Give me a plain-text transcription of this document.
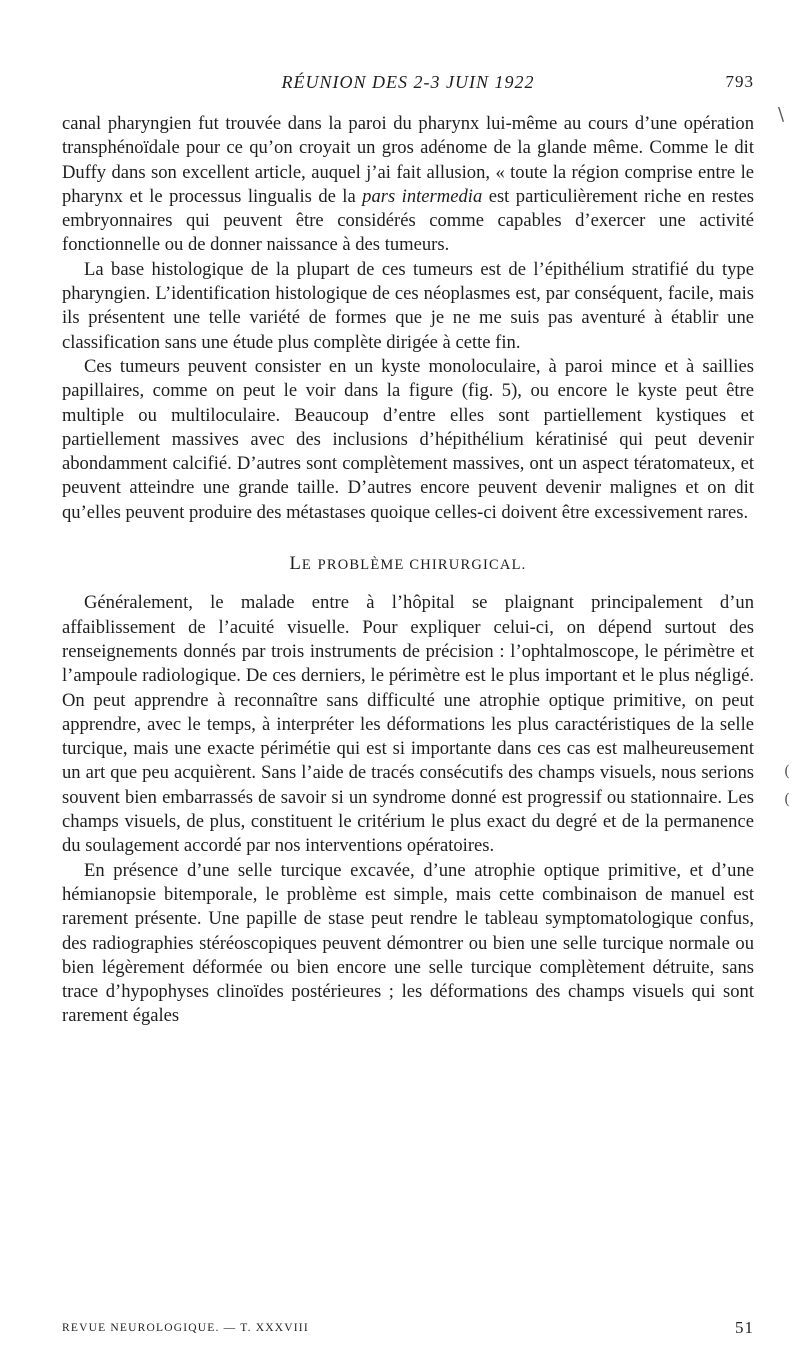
RÉUNION DES 2-3 JUIN 1922	793

canal pharyngien fut trouvée dans la paroi du pharynx lui-même au cours d’une opération transphénoïdale pour ce qu’on croyait un gros adénome de la glande même. Comme le dit Duffy dans son excellent article, auquel j’ai fait allusion, « toute la région comprise entre le pharynx et le processus lingualis de la pars intermedia est particulièrement riche en restes embryonnaires qui peuvent être considérés comme capables d’exercer une activité fonctionnelle ou de donner naissance à des tumeurs.

La base histologique de la plupart de ces tumeurs est de l’épithélium stratifié du type pharyngien. L’identification histologique de ces néoplasmes est, par conséquent, facile, mais ils présentent une telle variété de formes que je ne me suis pas aventuré à établir une classification sans une étude plus complète dirigée à cette fin.

Ces tumeurs peuvent consister en un kyste monoloculaire, à paroi mince et à saillies papillaires, comme on peut le voir dans la figure (fig. 5), ou encore le kyste peut être multiple ou multiloculaire. Beaucoup d’entre elles sont partiellement kystiques et partiellement massives avec des inclusions d’hépithélium kératinisé qui peut devenir abondamment calcifié. D’autres sont complètement massives, ont un aspect tératomateux, et peuvent atteindre une grande taille. D’autres encore peuvent devenir malignes et on dit qu’elles peuvent produire des métastases quoique celles-ci doivent être excessivement rares.

LE PROBLÈME CHIRURGICAL.

Généralement, le malade entre à l’hôpital se plaignant principalement d’un affaiblissement de l’acuité visuelle. Pour expliquer celui-ci, on dépend surtout des renseignements donnés par trois instruments de précision : l’ophtalmoscope, le périmètre et l’ampoule radiologique. De ces derniers, le périmètre est le plus important et le plus négligé. On peut apprendre à reconnaître sans difficulté une atrophie optique primitive, on peut apprendre, avec le temps, à interpréter les déformations les plus caractéristiques de la selle turcique, mais une exacte périmétie qui est si importante dans ces cas est malheureusement un art que peu acquièrent. Sans l’aide de tracés consécutifs des champs visuels, nous serions souvent bien embarrassés de savoir si un syndrome donné est progressif ou stationnaire. Les champs visuels, de plus, constituent le critérium le plus exact du degré et de la permanence du soulagement accordé par nos interventions opératoires.

En présence d’une selle turcique excavée, d’une atrophie optique primitive, et d’une hémianopsie bitemporale, le problème est simple, mais cette combinaison de manuel est rarement présente. Une papille de stase peut rendre le tableau symptomatologique confus, des radiographies stéréoscopiques peuvent démontrer ou bien une selle turcique normale ou bien légèrement déformée ou bien encore une selle turcique complètement détruite, sans trace d’hypophyses clinoïdes postérieures ; les déformations des champs visuels qui sont rarement égales

REVUE NEUROLOGIQUE. — T. XXXVIII	51
\
(
(
